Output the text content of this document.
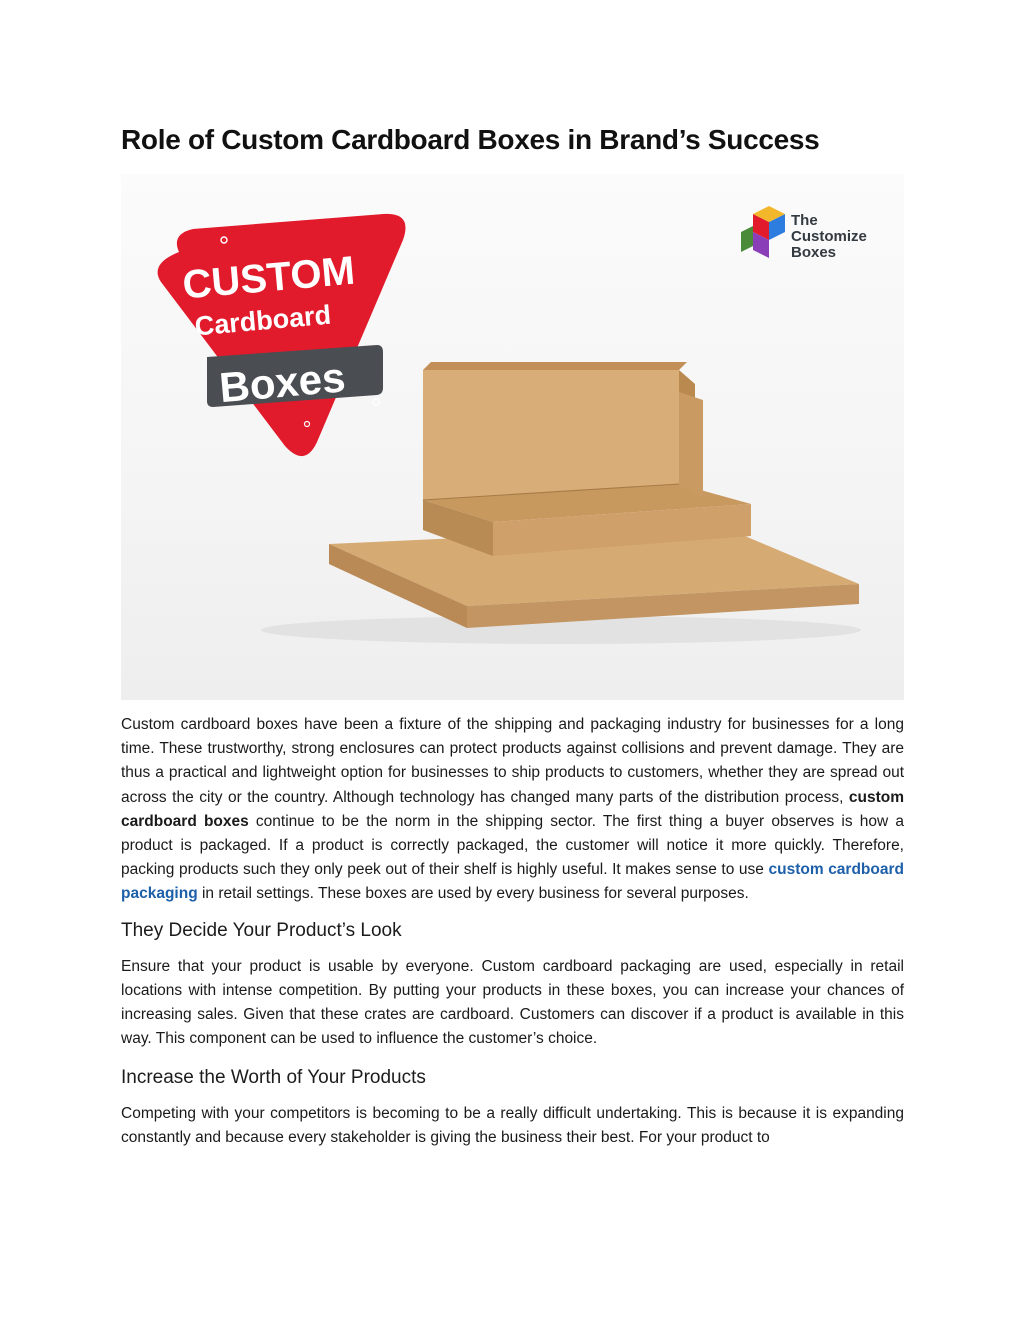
Role of Custom Cardboard Boxes in Brand’s Success
CUSTOM
Cardboard
Boxes
The
Customize
Boxes

Custom cardboard boxes have been a fixture of the shipping and packaging industry for businesses for a long time. These trustworthy, strong enclosures can protect products against collisions and prevent damage. They are thus a practical and lightweight option for businesses to ship products to customers, whether they are spread out across the city or the country. Although technology has changed many parts of the distribution process, custom cardboard boxes continue to be the norm in the shipping sector. The first thing a buyer observes is how a product is packaged. If a product is correctly packaged, the customer will notice it more quickly. Therefore, packing products such they only peek out of their shelf is highly useful. It makes sense to use custom cardboard packaging in retail settings. These boxes are used by every business for several purposes.

They Decide Your Product’s Look

Ensure that your product is usable by everyone. Custom cardboard packaging are used, especially in retail locations with intense competition. By putting your products in these boxes, you can increase your chances of increasing sales. Given that these crates are cardboard. Customers can discover if a product is available in this way. This component can be used to influence the customer’s choice.

Increase the Worth of Your Products

Competing with your competitors is becoming to be a really difficult undertaking. This is because it is expanding constantly and because every stakeholder is giving the business their best. For your product to
